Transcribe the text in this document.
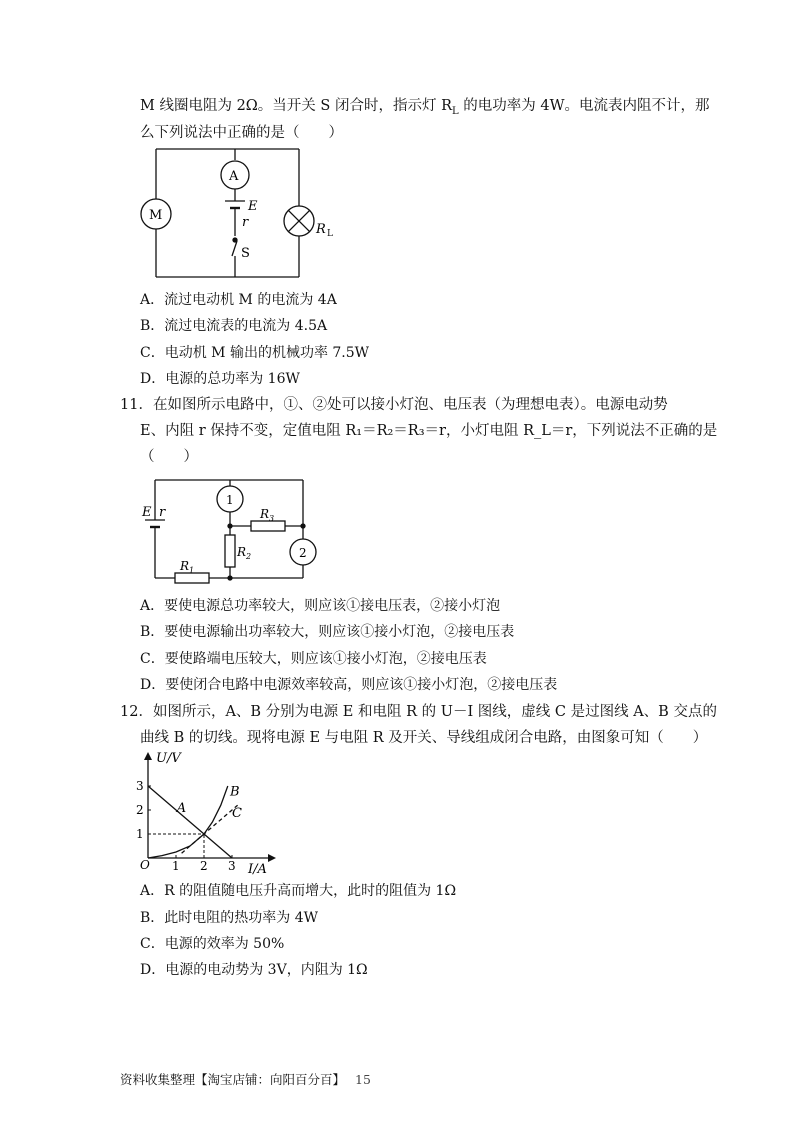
M 线圈电阻为 2Ω。当开关 S 闭合时，指示灯 $R_L$ 的电功率为 4W。电流表内阻不计，那
么下列说法中正确的是（　　）
M
A
E
r
S
R L
A．流过电动机 M 的电流为 4A
B．流过电流表的电流为 4.5A
C．电动机 M 输出的机械功率 7.5W
D．电源的总功率为 16W
11．在如图所示电路中，①、②处可以接小灯泡、电压表（为理想电表）。电源电动势
E、内阻 r 保持不变，定值电阻 R₁＝R₂＝R₃＝r，小灯电阻 R_L＝r，下列说法不正确的是
（　　）
E r
1
2
$R_1$
$R_2$
$R_3$
A．要使电源总功率较大，则应该①接电压表，②接小灯泡
B．要使电源输出功率较大，则应该①接小灯泡，②接电压表
C．要使路端电压较大，则应该①接小灯泡，②接电压表
D．要使闭合电路中电源效率较高，则应该①接小灯泡，②接电压表
12．如图所示，A、B 分别为电源 E 和电阻 R 的 U－I 图线，虚线 C 是过图线 A、B 交点的
曲线 B 的切线。现将电源 E 与电阻 R 及开关、导线组成闭合电路，由图象可知（　　）
U/V
I/A
O 1 2 3
1
2
3
A
B
C
A．R 的阻值随电压升高而增大，此时的阻值为 1Ω
B．此时电阻的热功率为 4W
C．电源的效率为 50%
D．电源的电动势为 3V，内阻为 1Ω
资料收集整理【淘宝店铺：向阳百分百】 15
